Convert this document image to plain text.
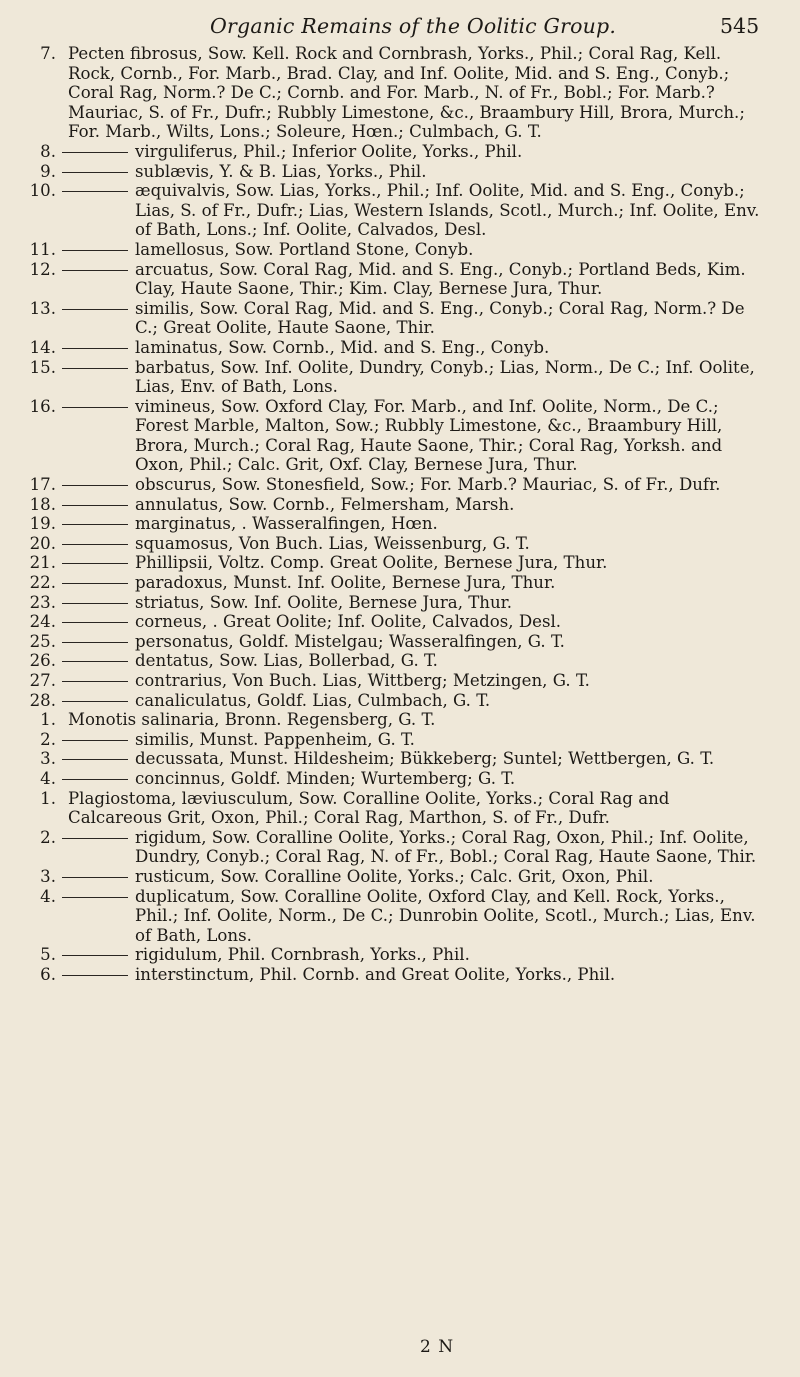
Organic Remains of the Oolitic Group.	545
7. Pecten fibrosus, Sow. Kell. Rock and Cornbrash, Yorks., Phil.; Coral Rag, Kell. Rock, Cornb., For. Marb., Brad. Clay, and Inf. Oolite, Mid. and S. Eng., Conyb.; Coral Rag, Norm.? De C.; Cornb. and For. Marb., N. of Fr., Bobl.; For. Marb.? Mauriac, S. of Fr., Dufr.; Rubbly Limestone, &c., Braambury Hill, Brora, Murch.; For. Marb., Wilts, Lons.; Soleure, Hœn.; Culmbach, G. T.
8.	virguliferus, Phil.; Inferior Oolite, Yorks., Phil.
9.	sublævis, Y. & B. Lias, Yorks., Phil.
10.	æquivalvis, Sow. Lias, Yorks., Phil.; Inf. Oolite, Mid. and S. Eng., Conyb.; Lias, S. of Fr., Dufr.; Lias, Western Islands, Scotl., Murch.; Inf. Oolite, Env. of Bath, Lons.; Inf. Oolite, Calvados, Desl.
11.	lamellosus, Sow. Portland Stone, Conyb.
12.	arcuatus, Sow. Coral Rag, Mid. and S. Eng., Conyb.; Portland Beds, Kim. Clay, Haute Saone, Thir.; Kim. Clay, Bernese Jura, Thur.
13.	similis, Sow. Coral Rag, Mid. and S. Eng., Conyb.; Coral Rag, Norm.? De C.; Great Oolite, Haute Saone, Thir.
14.	laminatus, Sow. Cornb., Mid. and S. Eng., Conyb.
15.	barbatus, Sow. Inf. Oolite, Dundry, Conyb.; Lias, Norm., De C.; Inf. Oolite, Lias, Env. of Bath, Lons.
16.	vimineus, Sow. Oxford Clay, For. Marb., and Inf. Oolite, Norm., De C.; Forest Marble, Malton, Sow.; Rubbly Limestone, &c., Braambury Hill, Brora, Murch.; Coral Rag, Haute Saone, Thir.; Coral Rag, Yorksh. and Oxon, Phil.; Calc. Grit, Oxf. Clay, Bernese Jura, Thur.
17.	obscurus, Sow. Stonesfield, Sow.; For. Marb.? Mauriac, S. of Fr., Dufr.
18.	annulatus, Sow. Cornb., Felmersham, Marsh.
19.	marginatus, . Wasseralfingen, Hœn.
20.	squamosus, Von Buch. Lias, Weissenburg, G. T.
21.	Phillipsii, Voltz. Comp. Great Oolite, Bernese Jura, Thur.
22.	paradoxus, Munst. Inf. Oolite, Bernese Jura, Thur.
23.	striatus, Sow. Inf. Oolite, Bernese Jura, Thur.
24.	corneus, . Great Oolite; Inf. Oolite, Calvados, Desl.
25.	personatus, Goldf. Mistelgau; Wasseralfingen, G. T.
26.	dentatus, Sow. Lias, Bollerbad, G. T.
27.	contrarius, Von Buch. Lias, Wittberg; Metzingen, G. T.
28.	canaliculatus, Goldf. Lias, Culmbach, G. T.
1. Monotis salinaria, Bronn. Regensberg, G. T.
2.	similis, Munst. Pappenheim, G. T.
3.	decussata, Munst. Hildesheim; Bükkeberg; Suntel; Wettbergen, G. T.
4.	concinnus, Goldf. Minden; Wurtemberg; G. T.
1. Plagiostoma, læviusculum, Sow. Coralline Oolite, Yorks.; Coral Rag and Calcareous Grit, Oxon, Phil.; Coral Rag, Marthon, S. of Fr., Dufr.
2.	rigidum, Sow. Coralline Oolite, Yorks.; Coral Rag, Oxon, Phil.; Inf. Oolite, Dundry, Conyb.; Coral Rag, N. of Fr., Bobl.; Coral Rag, Haute Saone, Thir.
3.	rusticum, Sow. Coralline Oolite, Yorks.; Calc. Grit, Oxon, Phil.
4.	duplicatum, Sow. Coralline Oolite, Oxford Clay, and Kell. Rock, Yorks., Phil.; Inf. Oolite, Norm., De C.; Dunrobin Oolite, Scotl., Murch.; Lias, Env. of Bath, Lons.
5.	rigidulum, Phil. Cornbrash, Yorks., Phil.
6.	interstinctum, Phil. Cornb. and Great Oolite, Yorks., Phil.
2 N
